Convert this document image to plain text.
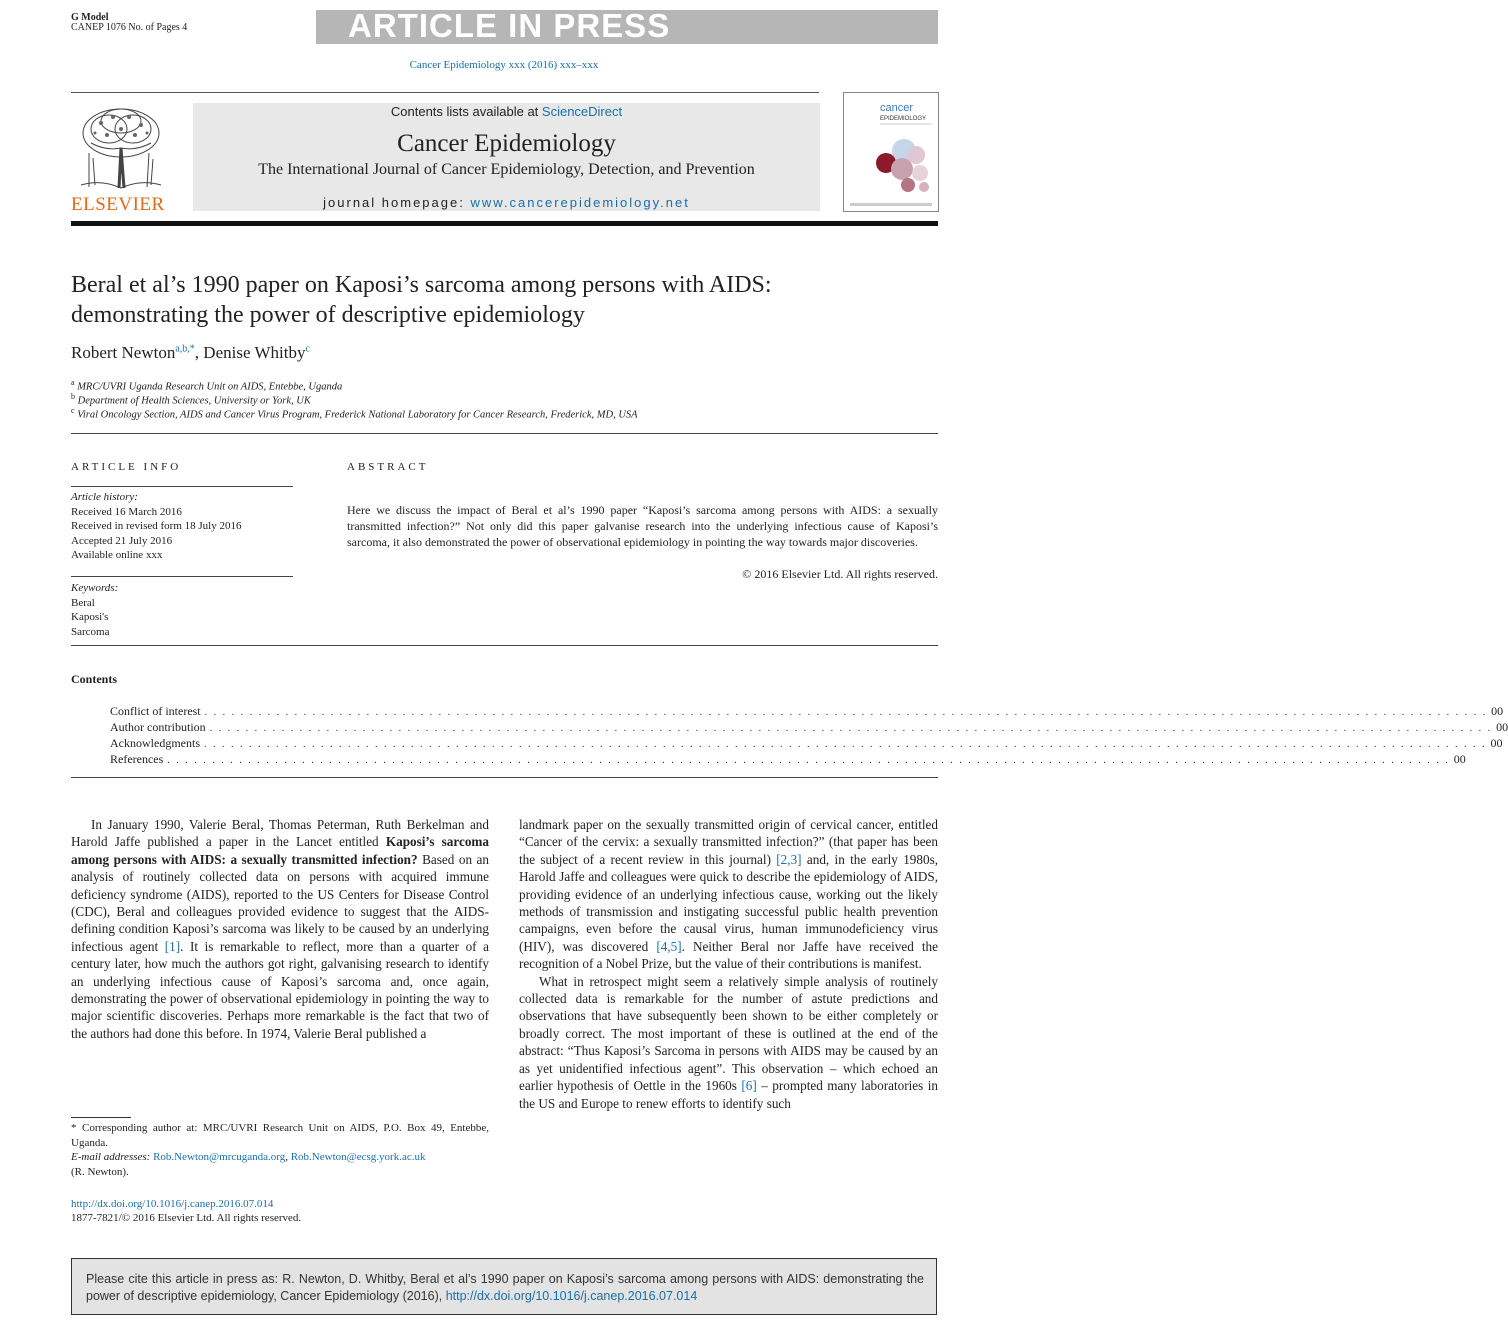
G Model
CANEP 1076 No. of Pages 4	ARTICLE IN PRESS
Cancer Epidemiology xxx (2016) xxx–xxx
ELSEVIER
Contents lists available at ScienceDirect
Cancer Epidemiology
The International Journal of Cancer Epidemiology, Detection, and Prevention
journal homepage: www.cancerepidemiology.net
cancer
EPIDEMIOLOGY
Beral et al’s 1990 paper on Kaposi’s sarcoma among persons with AIDS:
demonstrating the power of descriptive epidemiology
Robert Newton$^{a,b,*}$, Denise Whitby$^c$
$^a$ MRC/UVRI Uganda Research Unit on AIDS, Entebbe, Uganda
$^b$ Department of Health Sciences, University or York, UK
$^c$ Viral Oncology Section, AIDS and Cancer Virus Program, Frederick National Laboratory for Cancer Research, Frederick, MD, USA
ARTICLE INFO
Article history:
Received 16 March 2016
Received in revised form 18 July 2016
Accepted 21 July 2016
Available online xxx
Keywords:
Beral
Kaposi's
Sarcoma
ABSTRACT
Here we discuss the impact of Beral et al’s 1990 paper “Kaposi’s sarcoma among persons with AIDS: a sexually transmitted infection?” Not only did this paper galvanise research into the underlying infectious cause of Kaposi’s sarcoma, it also demonstrated the power of observational epidemiology in pointing the way towards major discoveries.
© 2016 Elsevier Ltd. All rights reserved.
Contents
Conflict of interest . . . . . . . . . . . . . . . . . . . . . . . . . . . . . . . . . . . . . . . . . . . . . . . . . . . . . . . . . . . . . . . . . . . . . . . . . . . . . . . . . . . . . . . . . . . . . . . . . . . . . . . . . . . . . . . . . . . . . . . . . . . . . . . . . . . . . . . . . . . . . . . 00
Author contribution . . . . . . . . . . . . . . . . . . . . . . . . . . . . . . . . . . . . . . . . . . . . . . . . . . . . . . . . . . . . . . . . . . . . . . . . . . . . . . . . . . . . . . . . . . . . . . . . . . . . . . . . . . . . . . . . . . . . . . . . . . . . . . . . . . . . . . . . . . . . . . . 00
Acknowledgments . . . . . . . . . . . . . . . . . . . . . . . . . . . . . . . . . . . . . . . . . . . . . . . . . . . . . . . . . . . . . . . . . . . . . . . . . . . . . . . . . . . . . . . . . . . . . . . . . . . . . . . . . . . . . . . . . . . . . . . . . . . . . . . . . . . . . . . . . . . . . . . 00
References . . . . . . . . . . . . . . . . . . . . . . . . . . . . . . . . . . . . . . . . . . . . . . . . . . . . . . . . . . . . . . . . . . . . . . . . . . . . . . . . . . . . . . . . . . . . . . . . . . . . . . . . . . . . . . . . . . . . . . . . . . . . . . . . . . . . . . . . . . . . . . . 00

In January 1990, Valerie Beral, Thomas Peterman, Ruth Berkelman and Harold Jaffe published a paper in the Lancet entitled Kaposi’s sarcoma among persons with AIDS: a sexually transmitted infection? Based on an analysis of routinely collected data on persons with acquired immune deficiency syndrome (AIDS), reported to the US Centers for Disease Control (CDC), Beral and colleagues provided evidence to suggest that the AIDS-defining condition Kaposi’s sarcoma was likely to be caused by an underlying infectious agent [1]. It is remarkable to reflect, more than a quarter of a century later, how much the authors got right, galvanising research to identify an underlying infectious cause of Kaposi’s sarcoma and, once again, demonstrating the power of observational epidemiology in pointing the way to major scientific discoveries. Perhaps more remarkable is the fact that two of the authors had done this before. In 1974, Valerie Beral published a

landmark paper on the sexually transmitted origin of cervical cancer, entitled “Cancer of the cervix: a sexually transmitted infection?” (that paper has been the subject of a recent review in this journal) [2,3] and, in the early 1980s, Harold Jaffe and colleagues were quick to describe the epidemiology of AIDS, providing evidence of an underlying infectious cause, working out the likely methods of transmission and instigating successful public health prevention campaigns, even before the causal virus, human immunodeficiency virus (HIV), was discovered [4,5]. Neither Beral nor Jaffe have received the recognition of a Nobel Prize, but the value of their contributions is manifest.

What in retrospect might seem a relatively simple analysis of routinely collected data is remarkable for the number of astute predictions and observations that have subsequently been shown to be either completely or broadly correct. The most important of these is outlined at the end of the abstract: “Thus Kaposi’s Sarcoma in persons with AIDS may be caused by an as yet unidentified infectious agent”. This observation – which echoed an earlier hypothesis of Oettle in the 1960s [6] – prompted many laboratories in the US and Europe to renew efforts to identify such

* Corresponding author at: MRC/UVRI Research Unit on AIDS, P.O. Box 49, Entebbe, Uganda.
E-mail addresses: Rob.Newton@mrcuganda.org, Rob.Newton@ecsg.york.ac.uk
(R. Newton).
http://dx.doi.org/10.1016/j.canep.2016.07.014
1877-7821/© 2016 Elsevier Ltd. All rights reserved.
Please cite this article in press as: R. Newton, D. Whitby, Beral et al’s 1990 paper on Kaposi’s sarcoma among persons with AIDS: demonstrating the power of descriptive epidemiology, Cancer Epidemiology (2016), http://dx.doi.org/10.1016/j.canep.2016.07.014
